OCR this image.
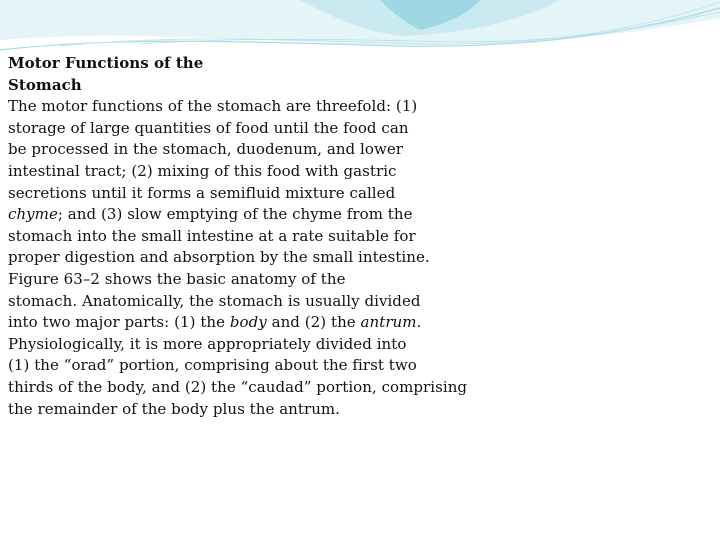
Motor Functions of the
Stomach
The motor functions of the stomach are threefold: (1)
storage of large quantities of food until the food can
be processed in the stomach, duodenum, and lower
intestinal tract; (2) mixing of this food with gastric
secretions until it forms a semifluid mixture called
chyme; and (3) slow emptying of the chyme from the
stomach into the small intestine at a rate suitable for
proper digestion and absorption by the small intestine.
Figure 63–2 shows the basic anatomy of the
stomach. Anatomically, the stomach is usually divided
into two major parts: (1) the body and (2) the antrum.
Physiologically, it is more appropriately divided into
(1) the “orad” portion, comprising about the first two
thirds of the body, and (2) the “caudad” portion, comprising
the remainder of the body plus the antrum.
